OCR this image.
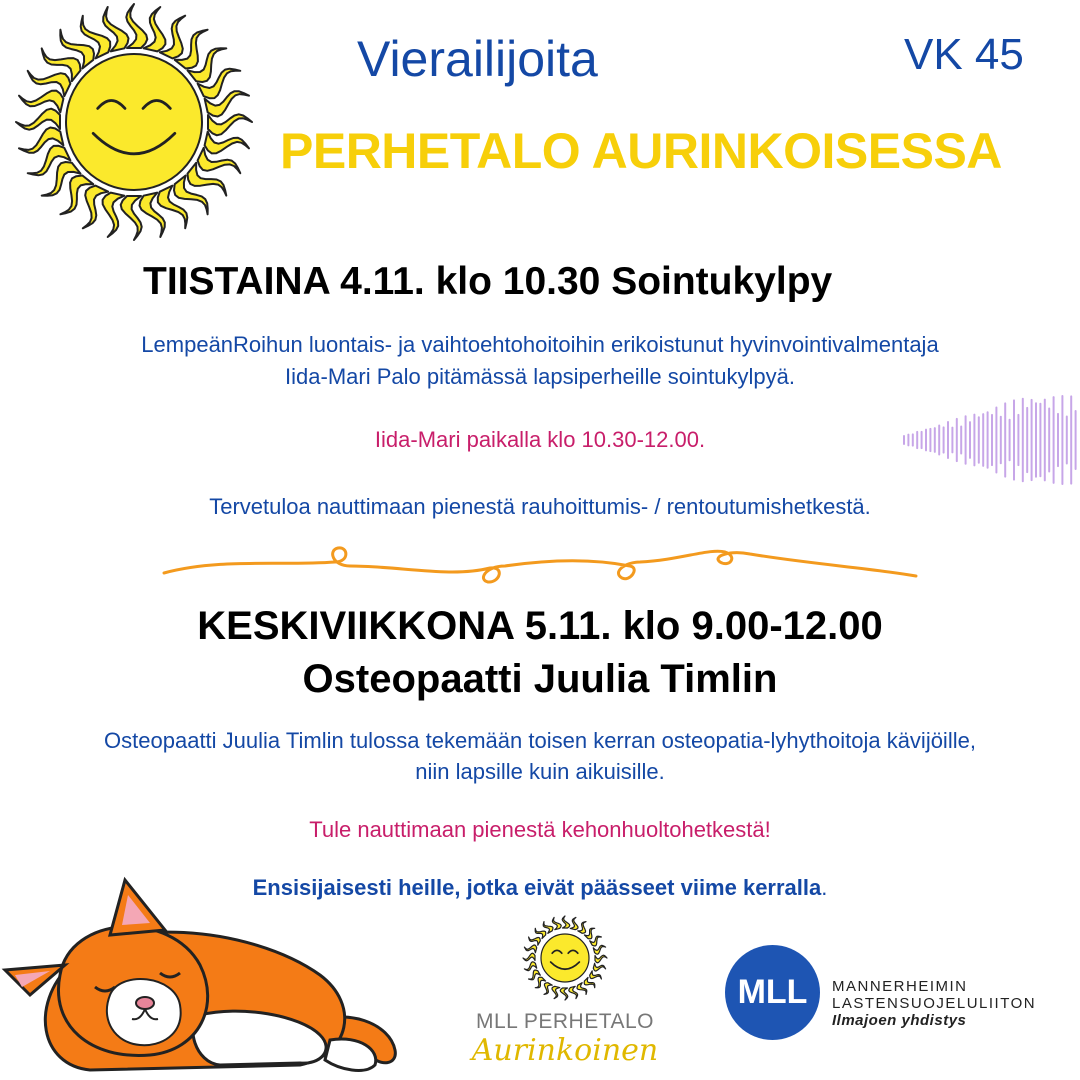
Vierailijoita	VK 45
PERHETALO AURINKOISESSA
TIISTAINA 4.11. klo 10.30 Sointukylpy
LempeänRoihun luontais- ja vaihtoehtohoitoihin erikoistunut hyvinvointivalmentaja
Iida-Mari Palo pitämässä lapsiperheille sointukylpyä.
Iida-Mari paikalla klo 10.30-12.00.
Tervetuloa nauttimaan pienestä rauhoittumis- / rentoutumishetkestä.
KESKIVIIKKONA 5.11. klo 9.00-12.00
Osteopaatti Juulia Timlin
Osteopaatti Juulia Timlin tulossa tekemään toisen kerran osteopatia-lyhythoitoja kävijöille,
niin lapsille kuin aikuisille.
Tule nauttimaan pienestä kehonhuoltohetkestä!
Ensisijaisesti heille, jotka eivät päässeet viime kerralla.
MLL PERHETALO
Aurinkoinen
MLL	MANNERHEIMIN
LASTENSUOJELULIITON
Ilmajoen yhdistys
